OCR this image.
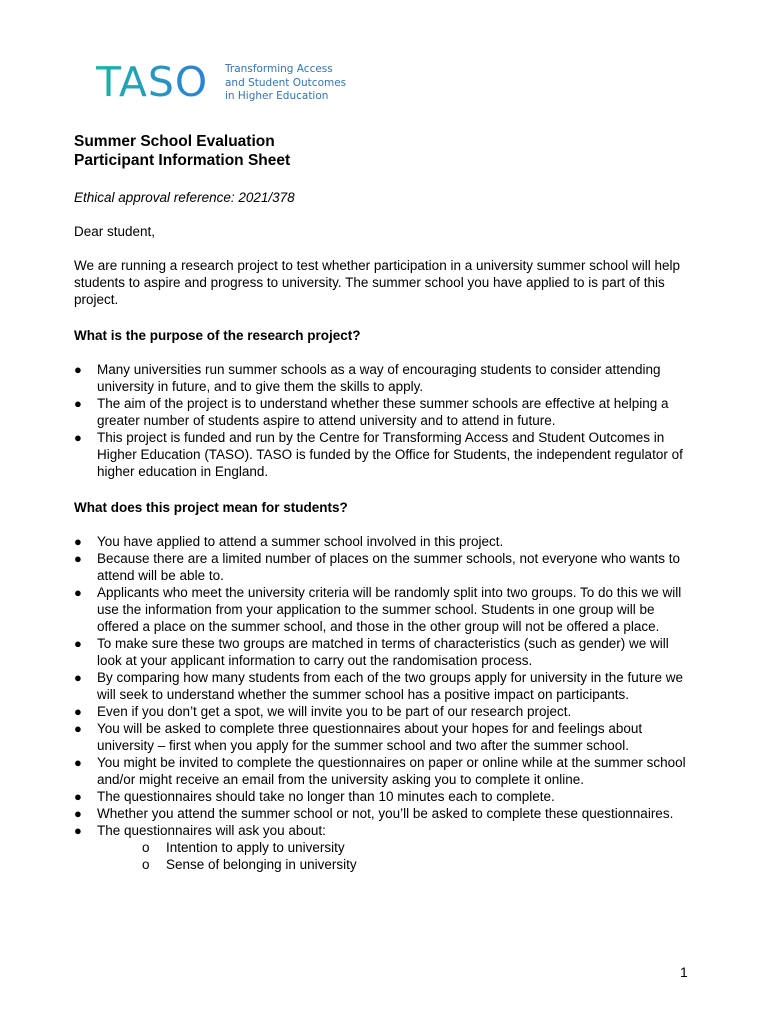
TASO Transforming Access
and Student Outcomes
in Higher Education
Summer School Evaluation
Participant Information Sheet
Ethical approval reference: 2021/378

Dear student,

We are running a research project to test whether participation in a university summer school will help students to aspire and progress to university. The summer school you have applied to is part of this project.

What is the purpose of the research project?
● Many universities run summer schools as a way of encouraging students to consider attending university in future, and to give them the skills to apply.
● The aim of the project is to understand whether these summer schools are effective at helping a greater number of students aspire to attend university and to attend in future.
● This project is funded and run by the Centre for Transforming Access and Student Outcomes in Higher Education (TASO). TASO is funded by the Office for Students, the independent regulator of higher education in England.
What does this project mean for students?
● You have applied to attend a summer school involved in this project.
● Because there are a limited number of places on the summer schools, not everyone who wants to attend will be able to.
● Applicants who meet the university criteria will be randomly split into two groups. To do this we will use the information from your application to the summer school. Students in one group will be offered a place on the summer school, and those in the other group will not be offered a place.
● To make sure these two groups are matched in terms of characteristics (such as gender) we will look at your applicant information to carry out the randomisation process.
● By comparing how many students from each of the two groups apply for university in the future we will seek to understand whether the summer school has a positive impact on participants.
● Even if you don’t get a spot, we will invite you to be part of our research project.
● You will be asked to complete three questionnaires about your hopes for and feelings about university – first when you apply for the summer school and two after the summer school.
● You might be invited to complete the questionnaires on paper or online while at the summer school and/or might receive an email from the university asking you to complete it online.
● The questionnaires should take no longer than 10 minutes each to complete.
● Whether you attend the summer school or not, you’ll be asked to complete these questionnaires.
● The questionnaires will ask you about:
o Intention to apply to university
o Sense of belonging in university
1
